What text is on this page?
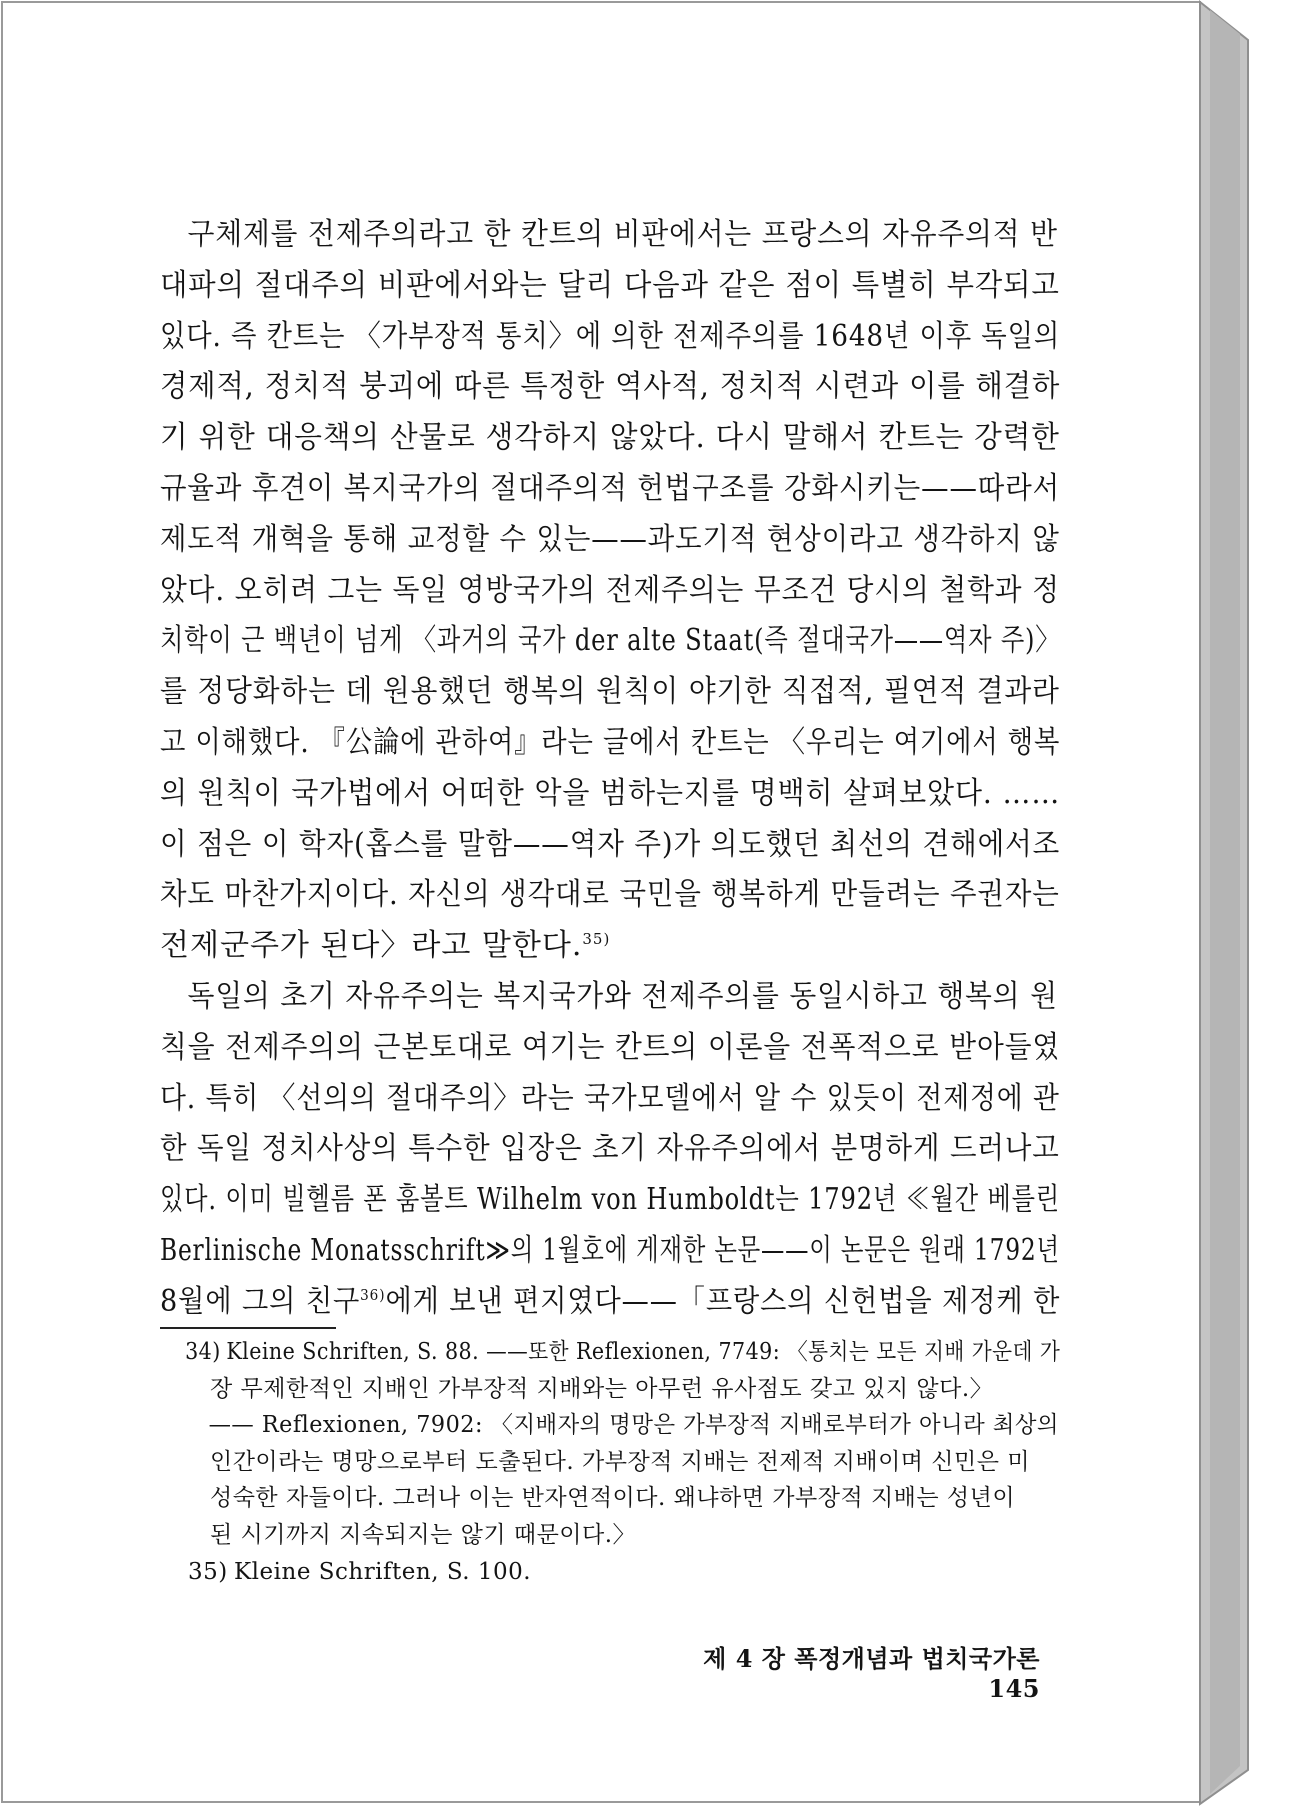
구체제를 전제주의라고 한 칸트의 비판에서는 프랑스의 자유주의적 반
대파의 절대주의 비판에서와는 달리 다음과 같은 점이 특별히 부각되고
있다. 즉 칸트는 〈가부장적 통치〉에 의한 전제주의를 1648년 이후 독일의
경제적, 정치적 붕괴에 따른 특정한 역사적, 정치적 시련과 이를 해결하
기 위한 대응책의 산물로 생각하지 않았다. 다시 말해서 칸트는 강력한
규율과 후견이 복지국가의 절대주의적 헌법구조를 강화시키는——따라서
제도적 개혁을 통해 교정할 수 있는——과도기적 현상이라고 생각하지 않
았다. 오히려 그는 독일 영방국가의 전제주의는 무조건 당시의 철학과 정
치학이 근 백년이 넘게 〈과거의 국가 der alte Staat(즉 절대국가——역자 주)〉
를 정당화하는 데 원용했던 행복의 원칙이 야기한 직접적, 필연적 결과라
고 이해했다. 『公論에 관하여』라는 글에서 칸트는 〈우리는 여기에서 행복
의 원칙이 국가법에서 어떠한 악을 범하는지를 명백히 살펴보았다. ……
이 점은 이 학자(홉스를 말함——역자 주)가 의도했던 최선의 견해에서조
차도 마찬가지이다. 자신의 생각대로 국민을 행복하게 만들려는 주권자는
전제군주가 된다〉라고 말한다.$^{35)}$
독일의 초기 자유주의는 복지국가와 전제주의를 동일시하고 행복의 원
칙을 전제주의의 근본토대로 여기는 칸트의 이론을 전폭적으로 받아들였
다. 특히 〈선의의 절대주의〉라는 국가모델에서 알 수 있듯이 전제정에 관
한 독일 정치사상의 특수한 입장은 초기 자유주의에서 분명하게 드러나고
있다. 이미 빌헬름 폰 훔볼트 Wilhelm von Humboldt는 1792년 ≪월간 베를린
Berlinische Monatsschrift≫의 1월호에 게재한 논문——이 논문은 원래 1792년
8월에 그의 친구$^{36)}$에게 보낸 편지였다——「프랑스의 신헌법을 제정케 한
34) Kleine Schriften, S. 88. ——또한 Reflexionen, 7749: 〈통치는 모든 지배 가운데 가
장 무제한적인 지배인 가부장적 지배와는 아무런 유사점도 갖고 있지 않다.〉
—— Reflexionen, 7902: 〈지배자의 명망은 가부장적 지배로부터가 아니라 최상의
인간이라는 명망으로부터 도출된다. 가부장적 지배는 전제적 지배이며 신민은 미
성숙한 자들이다. 그러나 이는 반자연적이다. 왜냐하면 가부장적 지배는 성년이
된 시기까지 지속되지는 않기 때문이다.〉
35) Kleine Schriften, S. 100.
제 4 장 폭정개념과 법치국가론145
